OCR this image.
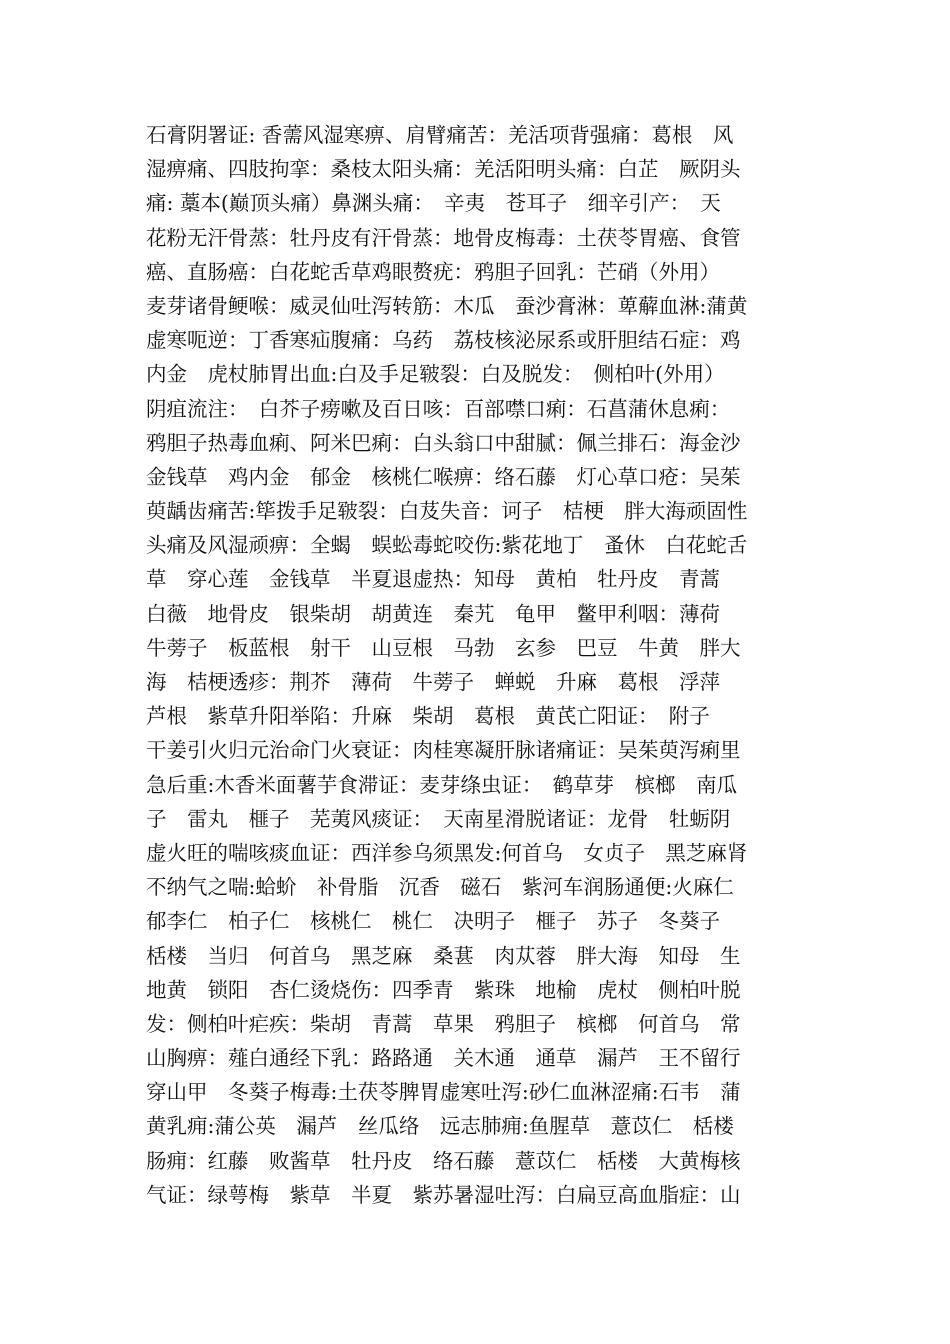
石膏阴署证: 香薷风湿寒痹、肩臂痛苦：羌活项背强痛：葛根　风
湿痹痛、四肢拘挛：桑枝太阳头痛：羌活阳明头痛：白芷　厥阴头
痛: 藁本(巅顶头痛）鼻渊头痛：　辛夷　苍耳子　细辛引产：　天
花粉无汗骨蒸：牡丹皮有汗骨蒸：地骨皮梅毒：土茯苓胃癌、食管
癌、直肠癌：白花蛇舌草鸡眼赘疣：鸦胆子回乳：芒硝（外用）
麦芽诸骨鲠喉：威灵仙吐泻转筋：木瓜　蚕沙膏淋：萆薢血淋:蒲黄
虚寒呃逆：丁香寒疝腹痛：乌药　荔枝核泌尿系或肝胆结石症：鸡
内金　虎杖肺胃出血:白及手足皲裂：白及脱发：　侧柏叶(外用）
阴疽流注：　白芥子痨嗽及百日咳：百部噤口痢：石菖蒲休息痢：
鸦胆子热毒血痢、阿米巴痢：白头翁口中甜腻：佩兰排石：海金沙
金钱草　鸡内金　郁金　核桃仁喉痹：络石藤　灯心草口疮：吴茱
萸龋齿痛苦:筚拨手足皲裂：白芨失音：诃子　桔梗　胖大海顽固性
头痛及风湿顽痹：全蝎　蜈蚣毒蛇咬伤:紫花地丁　蚤休　白花蛇舌
草　穿心莲　金钱草　半夏退虚热：知母　黄柏　牡丹皮　青蒿
白薇　地骨皮　银柴胡　胡黄连　秦艽　龟甲　鳖甲利咽：薄荷
牛蒡子　板蓝根　射干　山豆根　马勃　玄参　巴豆　牛黄　胖大
海　桔梗透疹：荆芥　薄荷　牛蒡子　蝉蜕　升麻　葛根　浮萍
芦根　紫草升阳举陷：升麻　柴胡　葛根　黄芪亡阳证：　附子
干姜引火归元治命门火衰证：肉桂寒凝肝脉诸痛证：吴茱萸泻痢里
急后重:木香米面薯芋食滞证：麦芽绦虫证：　鹤草芽　槟榔　南瓜
子　雷丸　榧子　芜荑风痰证：　天南星滑脱诸证：龙骨　牡蛎阴
虚火旺的喘咳痰血证：西洋参乌须黑发:何首乌　女贞子　黑芝麻肾
不纳气之喘:蛤蚧　补骨脂　沉香　磁石　紫河车润肠通便:火麻仁
郁李仁　柏子仁　核桃仁　桃仁　决明子　榧子　苏子　冬葵子
栝楼　当归　何首乌　黑芝麻　桑葚　肉苁蓉　胖大海　知母　生
地黄　锁阳　杏仁烫烧伤：四季青　紫珠　地榆　虎杖　侧柏叶脱
发：侧柏叶疟疾：柴胡　青蒿　草果　鸦胆子　槟榔　何首乌　常
山胸痹：薤白通经下乳：路路通　关木通　通草　漏芦　王不留行
穿山甲　冬葵子梅毒:土茯苓脾胃虚寒吐泻:砂仁血淋涩痛:石韦　蒲
黄乳痈:蒲公英　漏芦　丝瓜络　远志肺痈:鱼腥草　薏苡仁　栝楼
肠痈：红藤　败酱草　牡丹皮　络石藤　薏苡仁　栝楼　大黄梅核
气证：绿萼梅　紫草　半夏　紫苏暑湿吐泻：白扁豆高血脂症：山
